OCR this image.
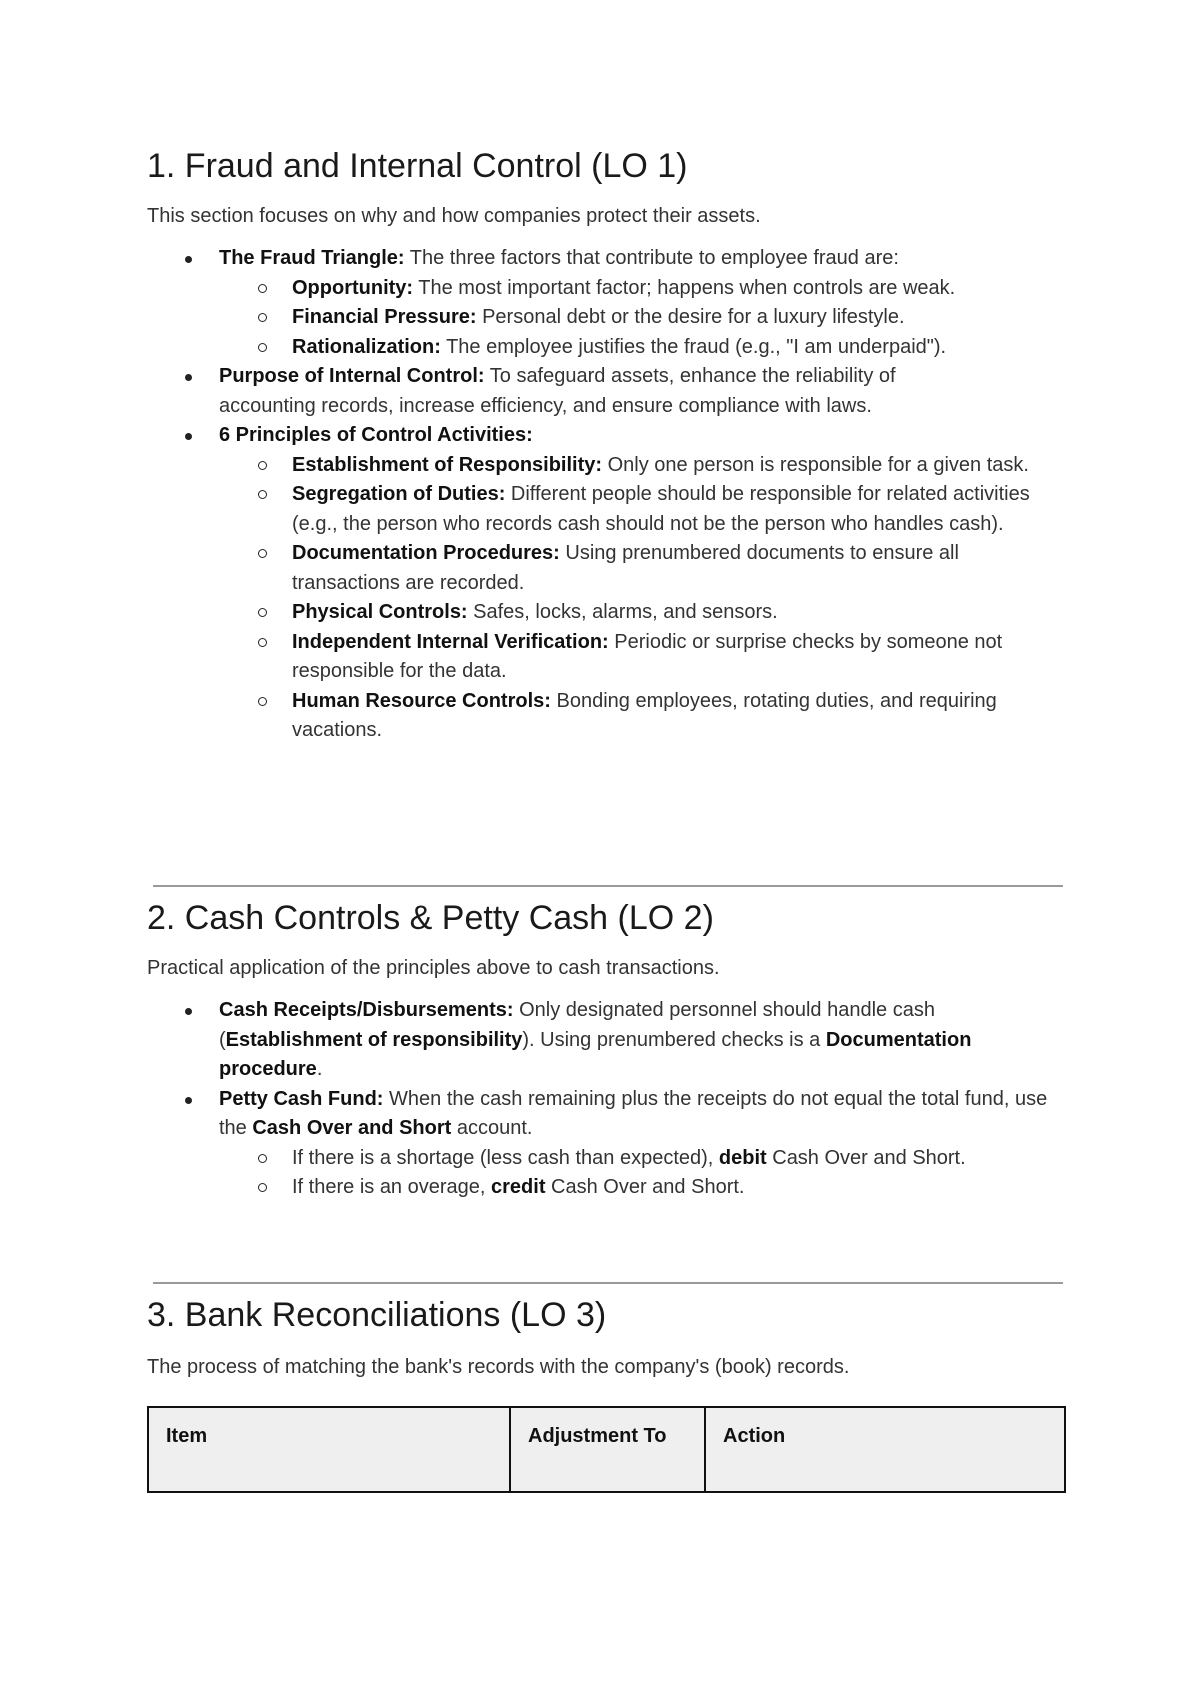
1. Fraud and Internal Control (LO 1)

This section focuses on why and how companies protect their assets.

The Fraud Triangle: The three factors that contribute to employee fraud are:
Opportunity: The most important factor; happens when controls are weak.
Financial Pressure: Personal debt or the desire for a luxury lifestyle.
Rationalization: The employee justifies the fraud (e.g., "I am underpaid").
Purpose of Internal Control: To safeguard assets, enhance the reliability of accounting records, increase efficiency, and ensure compliance with laws.
6 Principles of Control Activities:
Establishment of Responsibility: Only one person is responsible for a given task.
Segregation of Duties: Different people should be responsible for related activities (e.g., the person who records cash should not be the person who handles cash).
Documentation Procedures: Using prenumbered documents to ensure all transactions are recorded.
Physical Controls: Safes, locks, alarms, and sensors.
Independent Internal Verification: Periodic or surprise checks by someone not responsible for the data.
Human Resource Controls: Bonding employees, rotating duties, and requiring vacations.
2. Cash Controls & Petty Cash (LO 2)

Practical application of the principles above to cash transactions.

Cash Receipts/Disbursements: Only designated personnel should handle cash (Establishment of responsibility). Using prenumbered checks is a Documentation procedure.
Petty Cash Fund: When the cash remaining plus the receipts do not equal the total fund, use the Cash Over and Short account.
If there is a shortage (less cash than expected), debit Cash Over and Short.
If there is an overage, credit Cash Over and Short.
3. Bank Reconciliations (LO 3)

The process of matching the bank's records with the company's (book) records.

Item	Adjustment To	Action
